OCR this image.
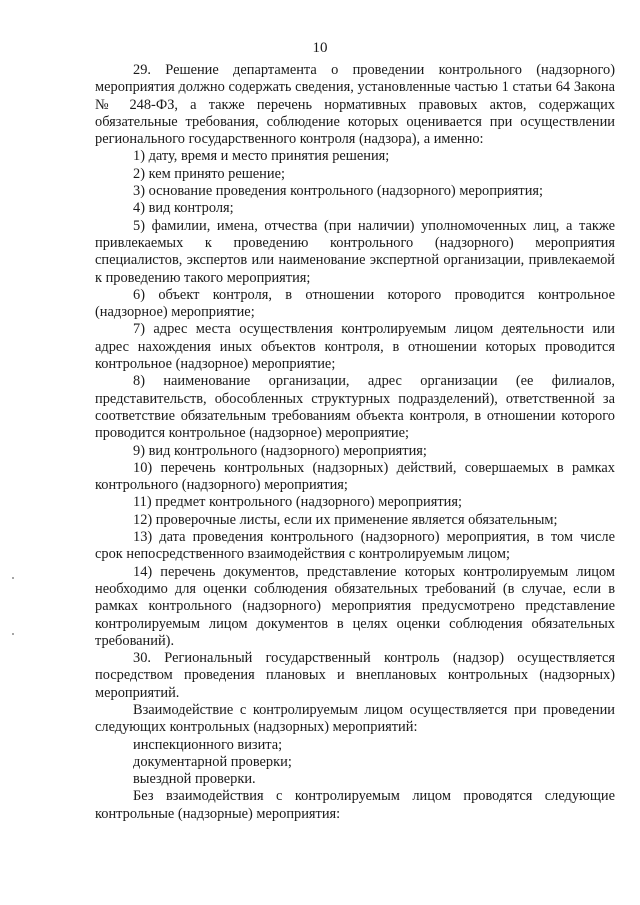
10

29. Решение департамента о проведении контрольного (надзорного) мероприятия должно содержать сведения, установленные частью 1 статьи 64 Закона № 248-ФЗ, а также перечень нормативных правовых актов, содержащих обязательные требования, соблюдение которых оценивается при осуществлении регионального государственного контроля (надзора), а именно:

1) дату, время и место принятия решения;

2) кем принято решение;

3) основание проведения контрольного (надзорного) мероприятия;

4) вид контроля;

5) фамилии, имена, отчества (при наличии) уполномоченных лиц, а также привлекаемых к проведению контрольного (надзорного) мероприятия специалистов, экспертов или наименование экспертной организации, привлекаемой к проведению такого мероприятия;

6) объект контроля, в отношении которого проводится контрольное (надзорное) мероприятие;

7) адрес места осуществления контролируемым лицом деятельности или адрес нахождения иных объектов контроля, в отношении которых проводится контрольное (надзорное) мероприятие;

8) наименование организации, адрес организации (ее филиалов, представительств, обособленных структурных подразделений), ответственной за соответствие обязательным требованиям объекта контроля, в отношении которого проводится контрольное (надзорное) мероприятие;

9) вид контрольного (надзорного) мероприятия;

10) перечень контрольных (надзорных) действий, совершаемых в рамках контрольного (надзорного) мероприятия;

11) предмет контрольного (надзорного) мероприятия;

12) проверочные листы, если их применение является обязательным;

13) дата проведения контрольного (надзорного) мероприятия, в том числе срок непосредственного взаимодействия с контролируемым лицом;

14) перечень документов, представление которых контролируемым лицом необходимо для оценки соблюдения обязательных требований (в случае, если в рамках контрольного (надзорного) мероприятия предусмотрено представление контролируемым лицом документов в целях оценки соблюдения обязательных требований).

30. Региональный государственный контроль (надзор) осуществляется посредством проведения плановых и внеплановых контрольных (надзорных) мероприятий.

Взаимодействие с контролируемым лицом осуществляется при проведении следующих контрольных (надзорных) мероприятий:

инспекционного визита;

документарной проверки;

выездной проверки.

Без взаимодействия с контролируемым лицом проводятся следующие контрольные (надзорные) мероприятия:
